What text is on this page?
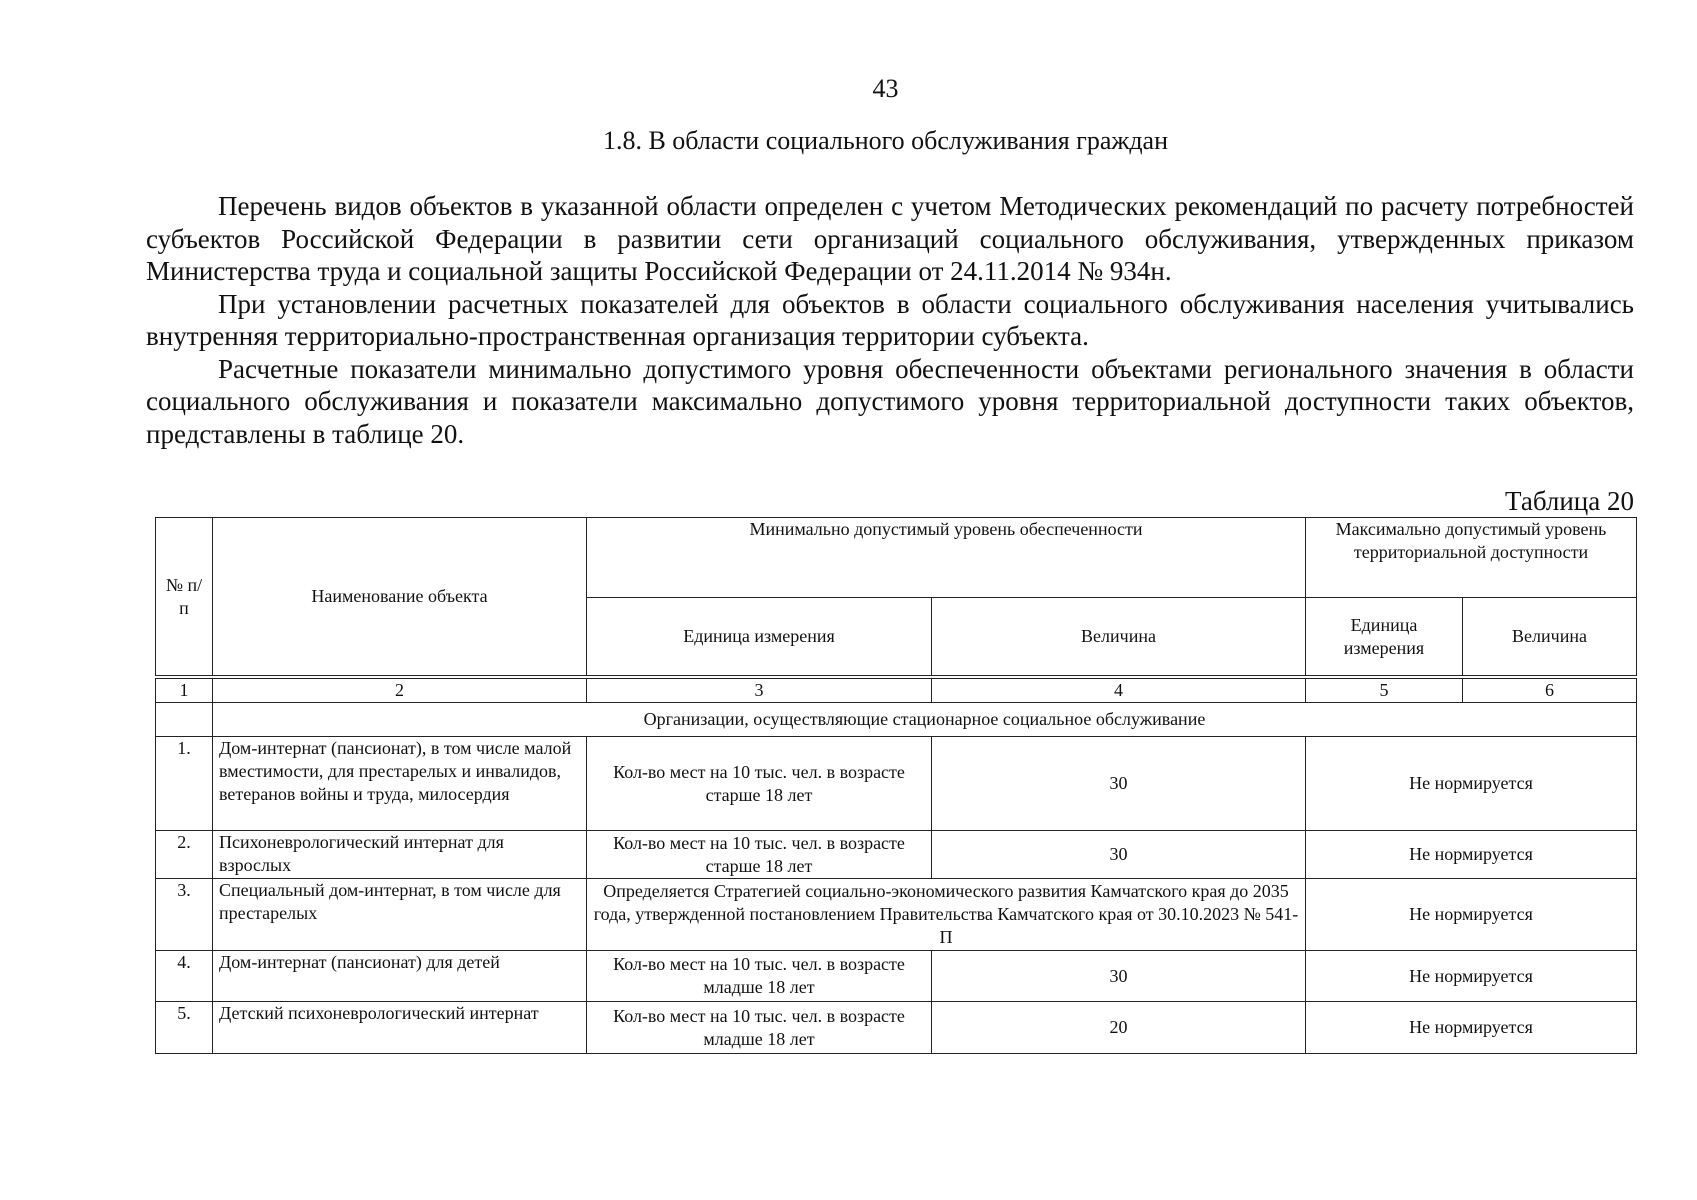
43
1.8. В области социального обслуживания граждан

Перечень видов объектов в указанной области определен с учетом Методических рекомендаций по расчету потребностей субъектов Российской Федерации в развитии сети организаций социального обслуживания, утвержденных приказом Министерства труда и социальной защиты Российской Федерации от 24.11.2014 № 934н.

При установлении расчетных показателей для объектов в области социального обслуживания населения учитывались внутренняя территориально-пространственная организация территории субъекта.

Расчетные показатели минимально допустимого уровня обеспеченности объектами регионального значения в области социального обслуживания и показатели максимально допустимого уровня территориальной доступности таких объектов, представлены в таблице 20.

Таблица 20
№ п/п	Наименование объекта	Минимально допустимый уровень обеспеченности		Максимально допустимый уровень территориальной доступности	
		Единица измерения	Величина	Единица измерения	Величина

1	2	3	4	5	6
	Организации, осуществляющие стационарное социальное обслуживание				
1.	Дом-интернат (пансионат), в том числе малой вместимости, для престарелых и инвалидов, ветеранов войны и труда, милосердия	Кол-во мест на 10 тыс. чел. в возрасте старше 18 лет	30	Не нормируется	
2.	Психоневрологический интернат для взрослых	Кол-во мест на 10 тыс. чел. в возрасте старше 18 лет	30	Не нормируется	
3.	Специальный дом-интернат, в том числе для престарелых	Определяется Стратегией социально-экономического развития Камчатского края до 2035 года, утвержденной постановлением Правительства Камчатского края от 30.10.2023 № 541-П		Не нормируется	
4.	Дом-интернат (пансионат) для детей	Кол-во мест на 10 тыс. чел. в возрасте младше 18 лет	30	Не нормируется	
5.	Детский психоневрологический интернат	Кол-во мест на 10 тыс. чел. в возрасте младше 18 лет	20	Не нормируется	
